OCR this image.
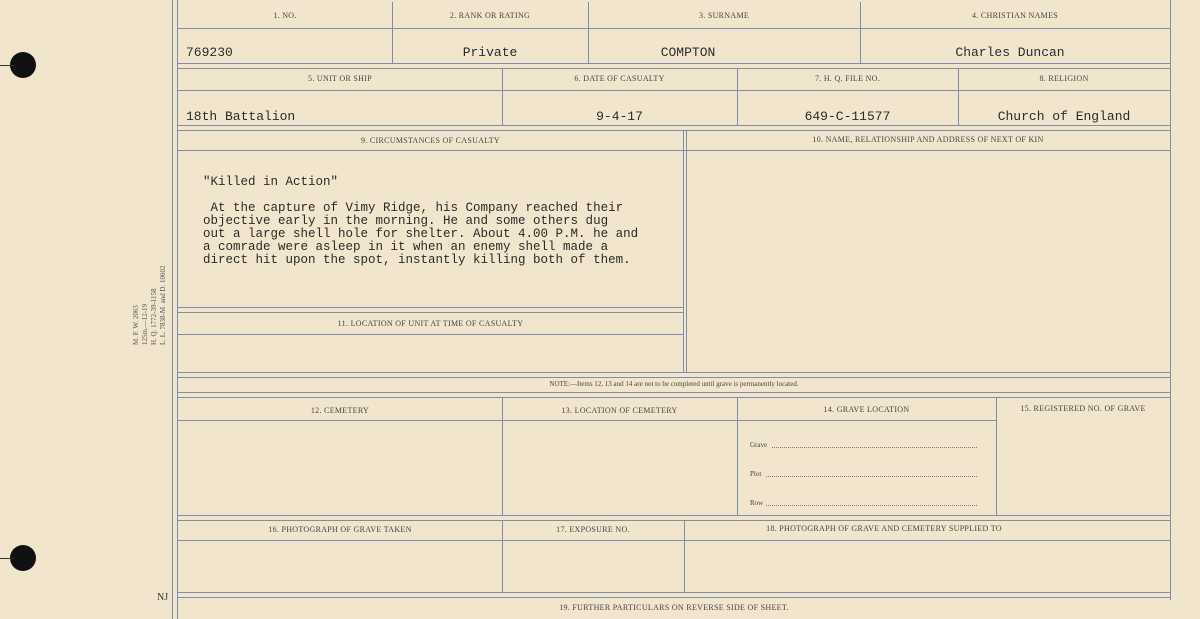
M. F. W. 2063 125m.—12-19 H. Q. 1772-39-1158 L. L. 7838-M. and D. 10602
NJ
1. NO.	2. RANK OR RATING	3. SURNAME	4. CHRISTIAN NAMES
769230	Private	COMPTON	Charles Duncan
5. UNIT OR SHIP	6. DATE OF CASUALTY	7. H. Q. FILE NO.	8. RELIGION
18th Battalion	9-4-17	649-C-11577	Church of England
9. CIRCUMSTANCES OF CASUALTY	10. NAME, RELATIONSHIP AND ADDRESS OF NEXT OF KIN
"Killed in Action"
At the capture of Vimy Ridge, his Company reached their
objective early in the morning. He and some others dug
out a large shell hole for shelter. About 4.00 P.M. he and
a comrade were asleep in it when an enemy shell made a
direct hit upon the spot, instantly killing both of them.
11. LOCATION OF UNIT AT TIME OF CASUALTY
NOTE:—Items 12, 13 and 14 are not to be completed until grave is permanently located.
12. CEMETERY	13. LOCATION OF CEMETERY	14. GRAVE LOCATION	15. REGISTERED NO. OF GRAVE
Grave
Plot
Row
16. PHOTOGRAPH OF GRAVE TAKEN	17. EXPOSURE NO.	18. PHOTOGRAPH OF GRAVE AND CEMETERY SUPPLIED TO
19. FURTHER PARTICULARS ON REVERSE SIDE OF SHEET.
